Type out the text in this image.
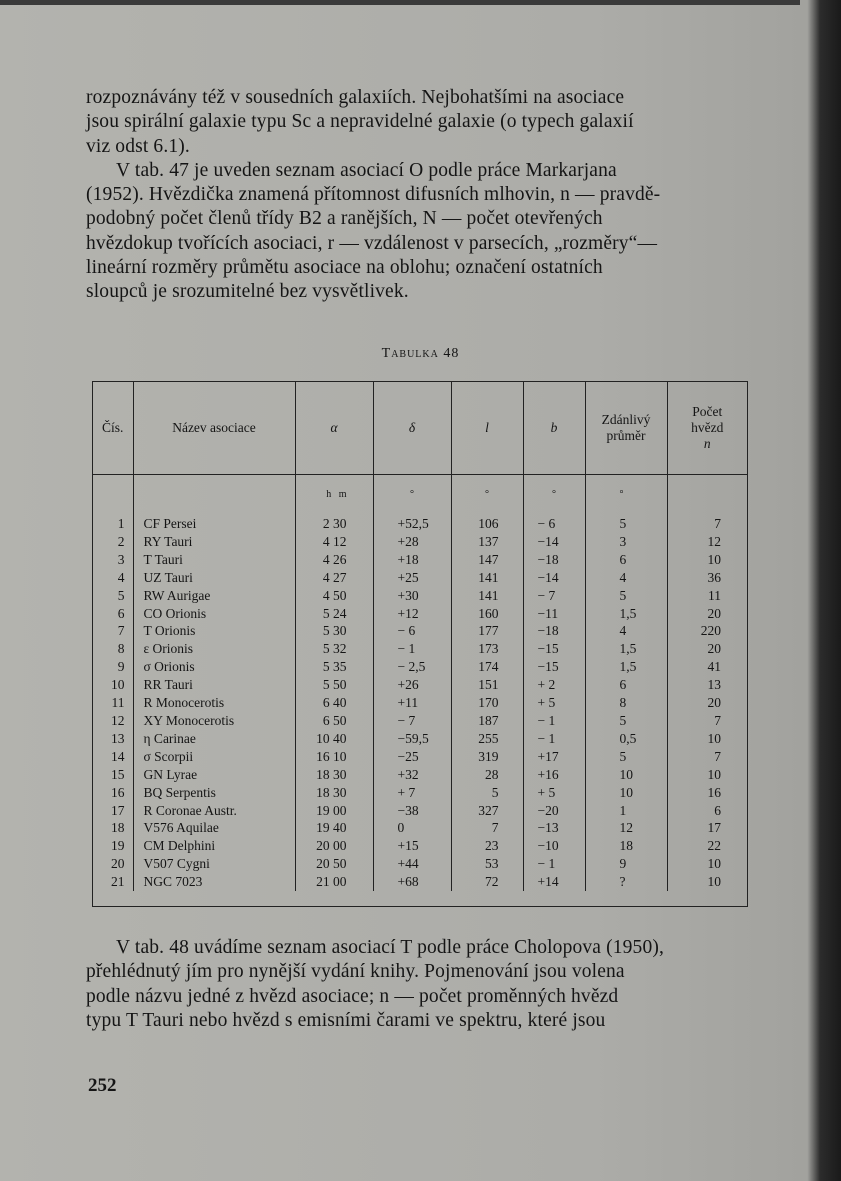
rozpoznávány též v sousedních galaxiích. Nejbohatšími na asociace

jsou spirální galaxie typu Sc a nepravidelné galaxie (o typech galaxií

viz odst 6.1).

V tab. 47 je uveden seznam asociací O podle práce Markarjana

(1952). Hvězdička znamená přítomnost difusních mlhovin, n — pravdě-

podobný počet členů třídy B2 a ranějších, N — počet otevřených

hvězdokup tvořících asociaci, r — vzdálenost v parsecích, „rozměry“—

lineární rozměry průmětu asociace na oblohu; označení ostatních

sloupců je srozumitelné bez vysvětlivek.

Tabulka 48
Čís.	Název asociace	α	δ	l	b	Zdánlivý
průměr	Počet
hvězd
n
		h   m	°	°	°	°	
1	CF Persei	2 30	+52,5	106	− 6	5	7
2	RY Tauri	4 12	+28	137	−14	3	12
3	T Tauri	4 26	+18	147	−18	6	10
4	UZ Tauri	4 27	+25	141	−14	4	36
5	RW Aurigae	4 50	+30	141	− 7	5	11
6	CO Orionis	5 24	+12	160	−11	1,5	20
7	T Orionis	5 30	− 6	177	−18	4	220
8	ε Orionis	5 32	− 1	173	−15	1,5	20
9	σ Orionis	5 35	− 2,5	174	−15	1,5	41
10	RR Tauri	5 50	+26	151	+ 2	6	13
11	R Monocerotis	6 40	+11	170	+ 5	8	20
12	XY Monocerotis	6 50	− 7	187	− 1	5	7
13	η Carinae	10 40	−59,5	255	− 1	0,5	10
14	σ Scorpii	16 10	−25	319	+17	5	7
15	GN Lyrae	18 30	+32	28	+16	10	10
16	BQ Serpentis	18 30	+ 7	5	+ 5	10	16
17	R Coronae Austr.	19 00	−38	327	−20	1	6
18	V576 Aquilae	19 40	0	7	−13	12	17
19	CM Delphini	20 00	+15	23	−10	18	22
20	V507 Cygni	20 50	+44	53	− 1	9	10
21	NGC 7023	21 00	+68	72	+14	?	10

V tab. 48 uvádíme seznam asociací T podle práce Cholopova (1950),

přehlédnutý jím pro nynější vydání knihy. Pojmenování jsou volena

podle názvu jedné z hvězd asociace; n — počet proměnných hvězd

typu T Tauri nebo hvězd s emisními čarami ve spektru, které jsou

252
